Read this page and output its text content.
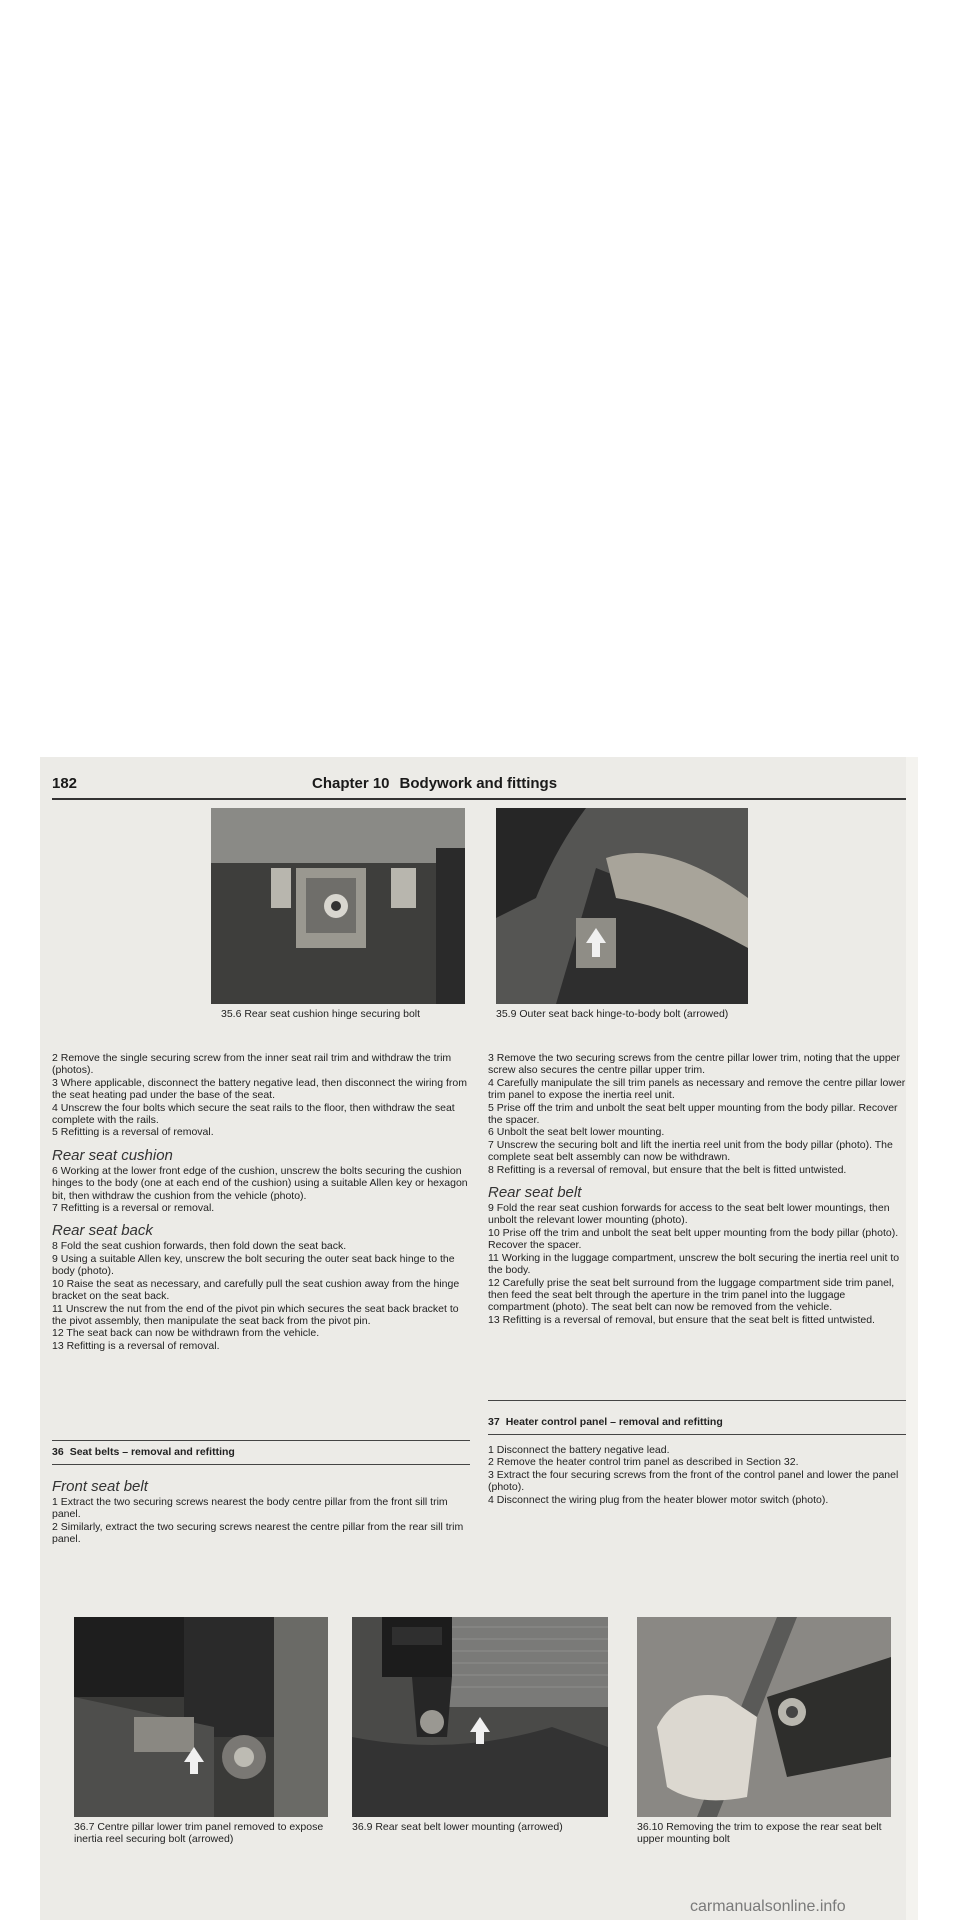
182	Chapter 10 Bodywork and fittings
35.6 Rear seat cushion hinge securing bolt	35.9 Outer seat back hinge-to-body bolt (arrowed)

2 Remove the single securing screw from the inner seat rail trim and withdraw the trim (photos).

3 Where applicable, disconnect the battery negative lead, then disconnect the wiring from the seat heating pad under the base of the seat.

4 Unscrew the four bolts which secure the seat rails to the floor, then withdraw the seat complete with the rails.

5 Refitting is a reversal of removal.

Rear seat cushion

6 Working at the lower front edge of the cushion, unscrew the bolts securing the cushion hinges to the body (one at each end of the cushion) using a suitable Allen key or hexagon bit, then withdraw the cushion from the vehicle (photo).

7 Refitting is a reversal or removal.

Rear seat back

8 Fold the seat cushion forwards, then fold down the seat back.

9 Using a suitable Allen key, unscrew the bolt securing the outer seat back hinge to the body (photo).

10 Raise the seat as necessary, and carefully pull the seat cushion away from the hinge bracket on the seat back.

11 Unscrew the nut from the end of the pivot pin which secures the seat back bracket to the pivot assembly, then manipulate the seat back from the pivot pin.

12 The seat back can now be withdrawn from the vehicle.

13 Refitting is a reversal of removal.

36 Seat belts – removal and refitting
Front seat belt

1 Extract the two securing screws nearest the body centre pillar from the front sill trim panel.

2 Similarly, extract the two securing screws nearest the centre pillar from the rear sill trim panel.

3 Remove the two securing screws from the centre pillar lower trim, noting that the upper screw also secures the centre pillar upper trim.

4 Carefully manipulate the sill trim panels as necessary and remove the centre pillar lower trim panel to expose the inertia reel unit.

5 Prise off the trim and unbolt the seat belt upper mounting from the body pillar. Recover the spacer.

6 Unbolt the seat belt lower mounting.

7 Unscrew the securing bolt and lift the inertia reel unit from the body pillar (photo). The complete seat belt assembly can now be withdrawn.

8 Refitting is a reversal of removal, but ensure that the belt is fitted untwisted.

Rear seat belt

9 Fold the rear seat cushion forwards for access to the seat belt lower mountings, then unbolt the relevant lower mounting (photo).

10 Prise off the trim and unbolt the seat belt upper mounting from the body pillar (photo). Recover the spacer.

11 Working in the luggage compartment, unscrew the bolt securing the inertia reel unit to the body.

12 Carefully prise the seat belt surround from the luggage compartment side trim panel, then feed the seat belt through the aperture in the trim panel into the luggage compartment (photo). The seat belt can now be removed from the vehicle.

13 Refitting is a reversal of removal, but ensure that the seat belt is fitted untwisted.

37 Heater control panel – removal and refitting

1 Disconnect the battery negative lead.

2 Remove the heater control trim panel as described in Section 32.

3 Extract the four securing screws from the front of the control panel and lower the panel (photo).

4 Disconnect the wiring plug from the heater blower motor switch (photo).

36.7 Centre pillar lower trim panel removed to expose inertia reel securing bolt (arrowed)
36.9 Rear seat belt lower mounting (arrowed)	36.10 Removing the trim to expose the rear seat belt upper mounting bolt
carmanualsonline.info
